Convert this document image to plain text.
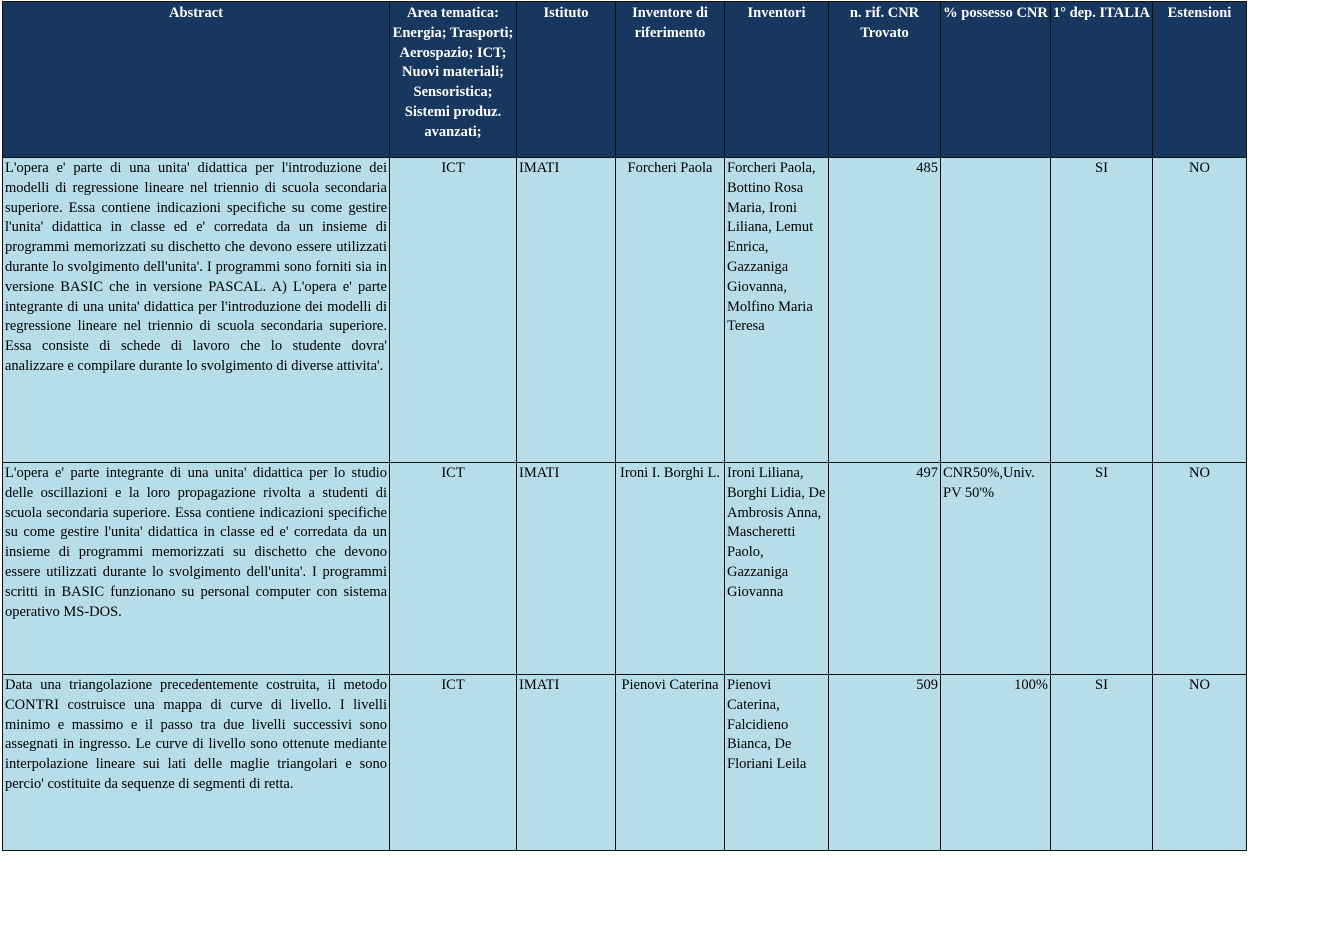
Abstract	Area tematica: Energia; Trasporti; Aerospazio; ICT; Nuovi materiali; Sensoristica; Sistemi produz. avanzati;	Istituto	Inventore di riferimento	Inventori	n. rif. CNR Trovato	% possesso CNR	1° dep. ITALIA	Estensioni

L'opera e' parte di una unita' didattica per l'introduzione dei modelli di regressione lineare nel triennio di scuola secondaria superiore. Essa contiene indicazioni specifiche su come gestire l'unita' didattica in classe ed e' corredata da un insieme di programmi memorizzati su dischetto che devono essere utilizzati durante lo svolgimento dell'unita'. I programmi sono forniti sia in versione BASIC che in versione PASCAL. A) L'opera e' parte integrante di una unita' didattica per l'introduzione dei modelli di regressione lineare nel triennio di scuola secondaria superiore. Essa consiste di schede di lavoro che lo studente dovra' analizzare e compilare durante lo svolgimento di diverse attivita'.	ICT	IMATI	Forcheri Paola	Forcheri Paola, Bottino Rosa Maria, Ironi Liliana, Lemut Enrica, Gazzaniga Giovanna, Molfino Maria Teresa	485		SI	NO
L'opera e' parte integrante di una unita' didattica per lo studio delle oscillazioni e la loro propagazione rivolta a studenti di scuola secondaria superiore. Essa contiene indicazioni specifiche su come gestire l'unita' didattica in classe ed e' corredata da un insieme di programmi memorizzati su dischetto che devono essere utilizzati durante lo svolgimento dell'unita'. I programmi scritti in BASIC funzionano su personal computer con sistema operativo MS-DOS.	ICT	IMATI	Ironi I. Borghi L.	Ironi Liliana, Borghi Lidia, De Ambrosis Anna, Mascheretti Paolo, Gazzaniga Giovanna	497	CNR50%,Univ. PV 50'%	SI	NO
Data una triangolazione precedentemente costruita, il metodo CONTRI costruisce una mappa di curve di livello. I livelli minimo e massimo e il passo tra due livelli successivi sono assegnati in ingresso. Le curve di livello sono ottenute mediante interpolazione lineare sui lati delle maglie triangolari e sono percio' costituite da sequenze di segmenti di retta.	ICT	IMATI	Pienovi Caterina	Pienovi Caterina, Falcidieno Bianca, De Floriani Leila	509	100%	SI	NO
